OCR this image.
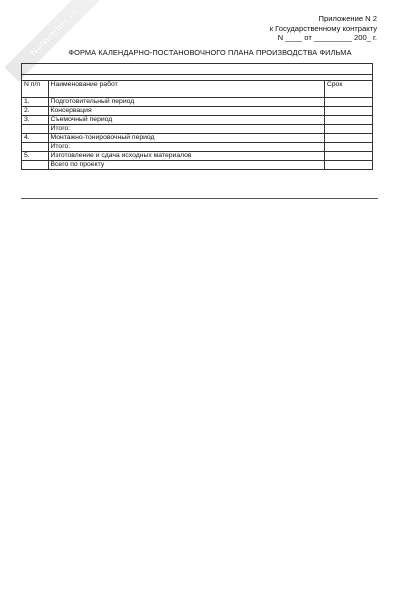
NoNumber.ru	Приложение N 2
к Государственному контракту
N ____ от _________ 200_ г.
ФОРМА КАЛЕНДАРНО-ПОСТАНОВОЧНОГО ПЛАНА ПРОИЗВОДСТВА ФИЛЬМА

N п/п	Наименование работ	Срок
1.	Подготовительный период	
2.	Консервация	
3.	Съемочный период	
	Итого:	
4.	Монтажно-тонировочный период	
	Итого:	
5.	Изготовление и сдача исходных материалов	
	Всего по проекту	
